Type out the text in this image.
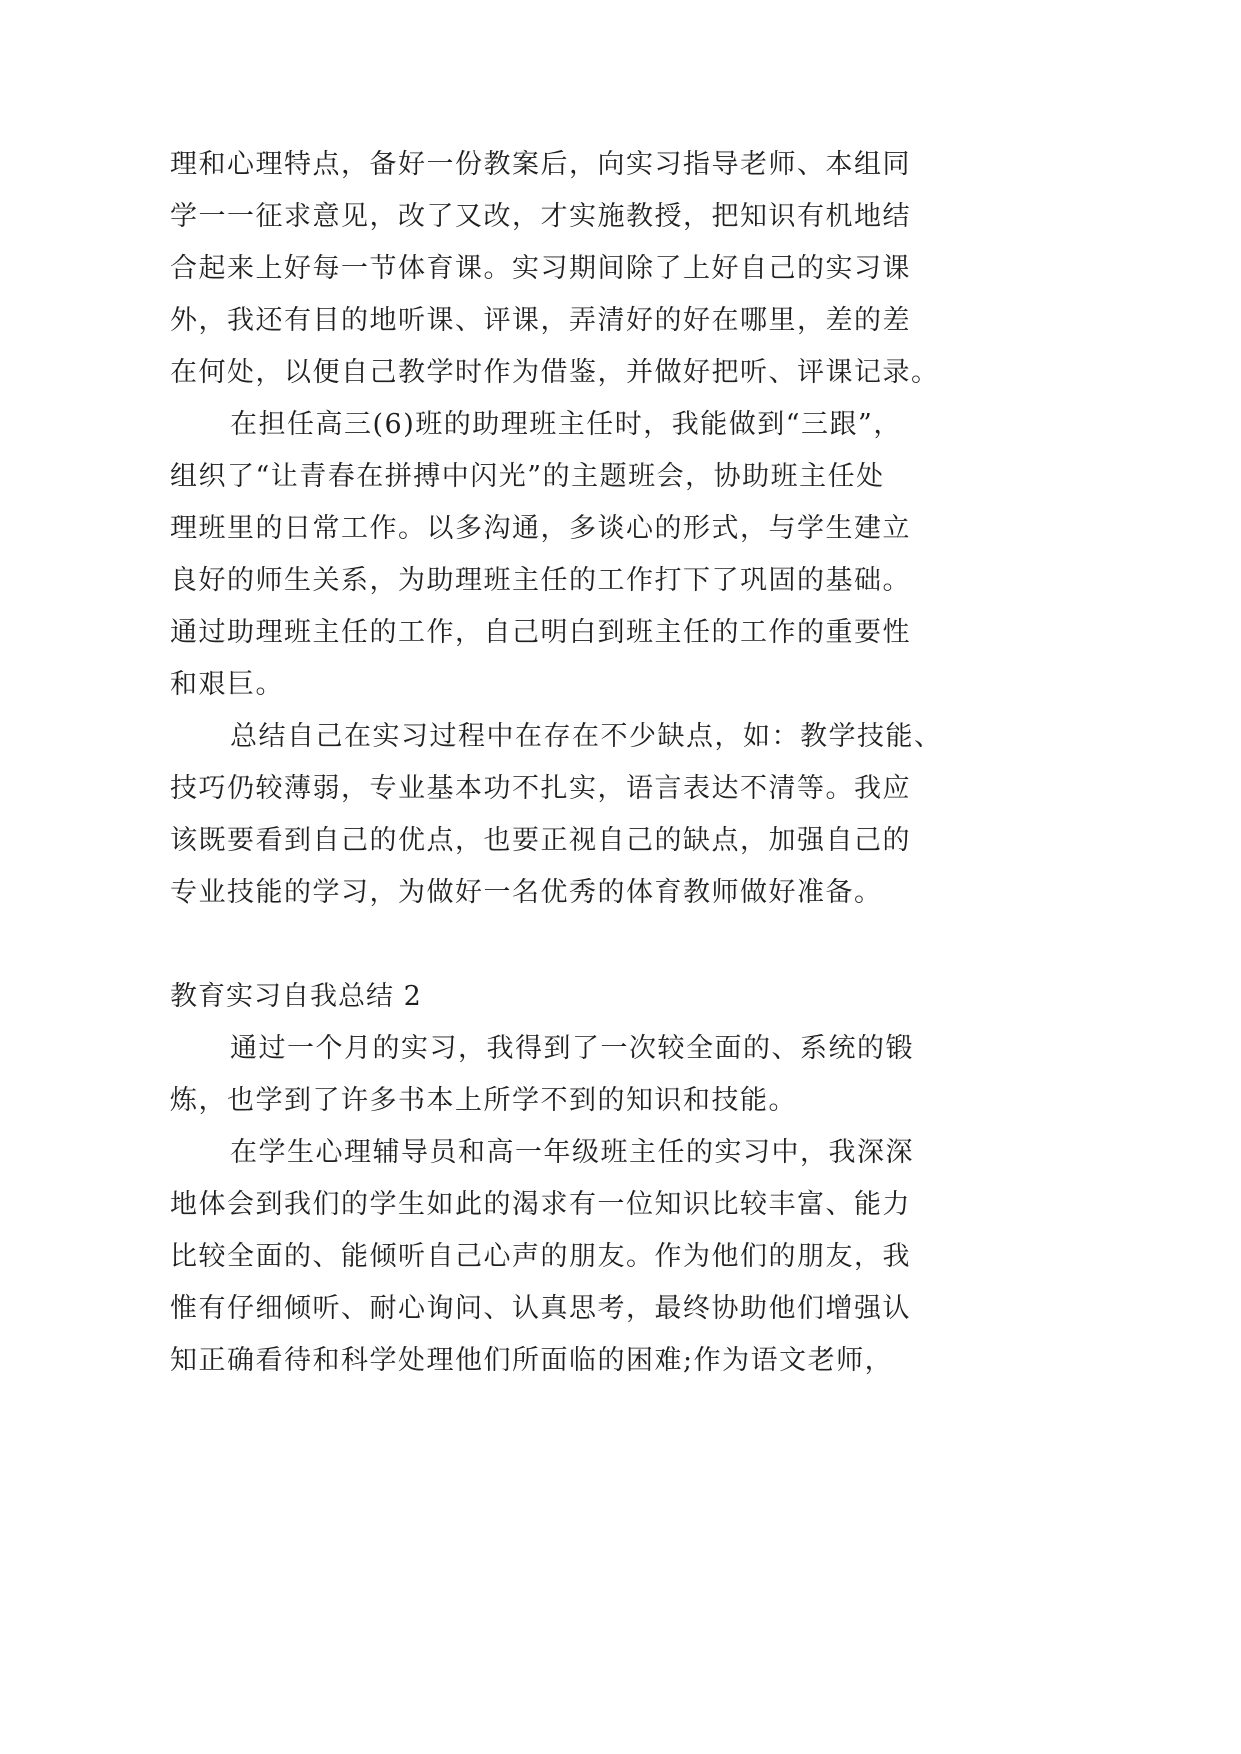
理和心理特点，备好一份教案后，向实习指导老师、本组同
学一一征求意见，改了又改，才实施教授，把知识有机地结
合起来上好每一节体育课。实习期间除了上好自己的实习课
外，我还有目的地听课、评课，弄清好的好在哪里，差的差
在何处，以便自己教学时作为借鉴，并做好把听、评课记录。
在担任高三(6)班的助理班主任时，我能做到“三跟”，
组织了“让青春在拼搏中闪光”的主题班会，协助班主任处
理班里的日常工作。以多沟通，多谈心的形式，与学生建立
良好的师生关系，为助理班主任的工作打下了巩固的基础。
通过助理班主任的工作，自己明白到班主任的工作的重要性
和艰巨。
总结自己在实习过程中在存在不少缺点，如：教学技能、
技巧仍较薄弱，专业基本功不扎实，语言表达不清等。我应
该既要看到自己的优点，也要正视自己的缺点，加强自己的
专业技能的学习，为做好一名优秀的体育教师做好准备。
教育实习自我总结 2
通过一个月的实习，我得到了一次较全面的、系统的锻
炼，也学到了许多书本上所学不到的知识和技能。
在学生心理辅导员和高一年级班主任的实习中，我深深
地体会到我们的学生如此的渴求有一位知识比较丰富、能力
比较全面的、能倾听自己心声的朋友。作为他们的朋友，我
惟有仔细倾听、耐心询问、认真思考，最终协助他们增强认
知正确看待和科学处理他们所面临的困难;作为语文老师，
